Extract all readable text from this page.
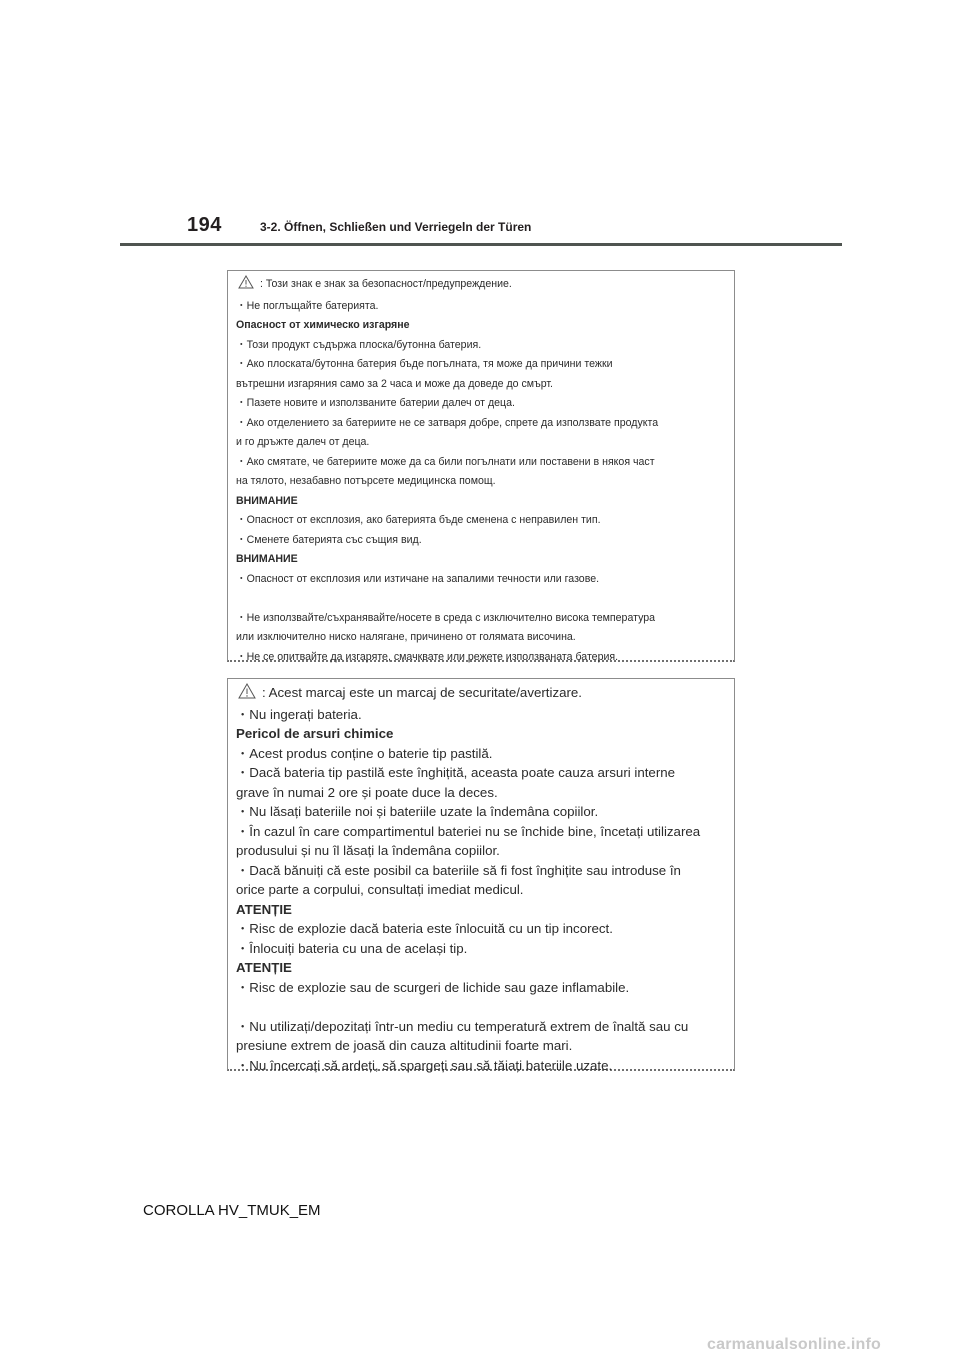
194	3-2. Öffnen, Schließen und Verriegeln der Türen
: Този знак е знак за безопасност/предупреждение.
・Не поглъщайте батерията.
Опасност от химическо изгаряне
・Този продукт съдържа плоска/бутонна батерия.
・Ако плоската/бутонна батерия бъде погълната, тя може да причини тежки
вътрешни изгаряния само за 2 часа и може да доведе до смърт.
・Пазете новите и използваните батерии далеч от деца.
・Ако отделението за батериите не се затваря добре, спрете да използвате продукта
и го дръжте далеч от деца.
・Ако смятате, че батериите може да са били погълнати или поставени в някоя част
на тялото, незабавно потърсете медицинска помощ.
ВНИМАНИЕ
・Опасност от експлозия, ако батерията бъде сменена с неправилен тип.
・Сменете батерията със същия вид.
ВНИМАНИЕ
・Опасност от експлозия или изтичане на запалими течности или газове.
・Не използвайте/съхранявайте/носете в среда с изключително висока температура
или изключително ниско налягане, причинено от голямата височина.
・Не се опитвайте да изгаряте, смачквате или режете използваната батерия.
: Acest marcaj este un marcaj de securitate/avertizare.
・Nu ingerați bateria.
Pericol de arsuri chimice
・Acest produs conține o baterie tip pastilă.
・Dacă bateria tip pastilă este înghițită, aceasta poate cauza arsuri interne
grave în numai 2 ore și poate duce la deces.
・Nu lăsați bateriile noi și bateriile uzate la îndemâna copiilor.
・În cazul în care compartimentul bateriei nu se închide bine, încetați utilizarea
produsului și nu îl lăsați la îndemâna copiilor.
・Dacă bănuiți că este posibil ca bateriile să fi fost înghițite sau introduse în
orice parte a corpului, consultați imediat medicul.
ATENȚIE
・Risc de explozie dacă bateria este înlocuită cu un tip incorect.
・Înlocuiți bateria cu una de același tip.
ATENȚIE
・Risc de explozie sau de scurgeri de lichide sau gaze inflamabile.
・Nu utilizați/depozitați într-un mediu cu temperatură extrem de înaltă sau cu
presiune extrem de joasă din cauza altitudinii foarte mari.
・Nu încercați să ardeți, să spargeți sau să tăiați bateriile uzate.
COROLLA HV_TMUK_EM
carmanualsonline.info
